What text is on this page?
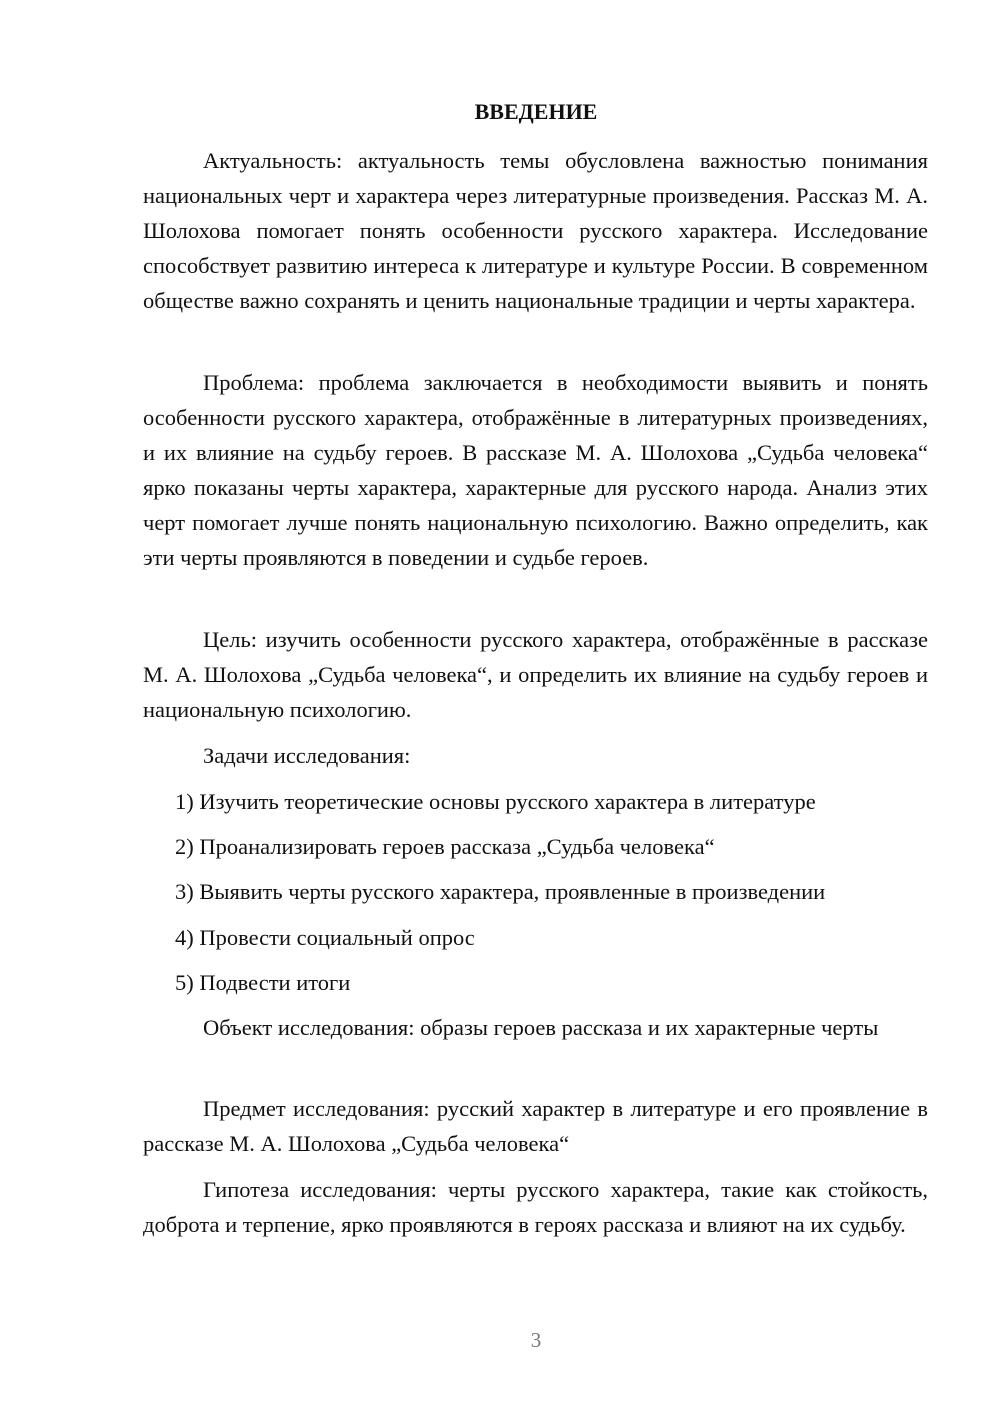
ВВЕДЕНИЕ

Актуальность: актуальность темы обусловлена важностью понимания национальных черт и характера через литературные произведения. Рассказ М. А. Шолохова помогает понять особенности русского характера. Исследование способствует развитию интереса к литературе и культуре России. В современном обществе важно сохранять и ценить национальные традиции и черты характера.

Проблема: проблема заключается в необходимости выявить и понять особенности русского характера, отображённые в литературных произведениях, и их влияние на судьбу героев. В рассказе М. А. Шолохова „Судьба человека“ ярко показаны черты характера, характерные для русского народа. Анализ этих черт помогает лучше понять национальную психологию. Важно определить, как эти черты проявляются в поведении и судьбе героев.

Цель: изучить особенности русского характера, отображённые в рассказе М. А. Шолохова „Судьба человека“, и определить их влияние на судьбу героев и национальную психологию.

Задачи исследования:

1) Изучить теоретические основы русского характера в литературе

2) Проанализировать героев рассказа „Судьба человека“

3) Выявить черты русского характера, проявленные в произведении

4) Провести социальный опрос

5) Подвести итоги

Объект исследования: образы героев рассказа и их характерные черты

Предмет исследования: русский характер в литературе и его проявление в рассказе М. А. Шолохова „Судьба человека“

Гипотеза исследования: черты русского характера, такие как стойкость, доброта и терпение, ярко проявляются в героях рассказа и влияют на их судьбу.

3
